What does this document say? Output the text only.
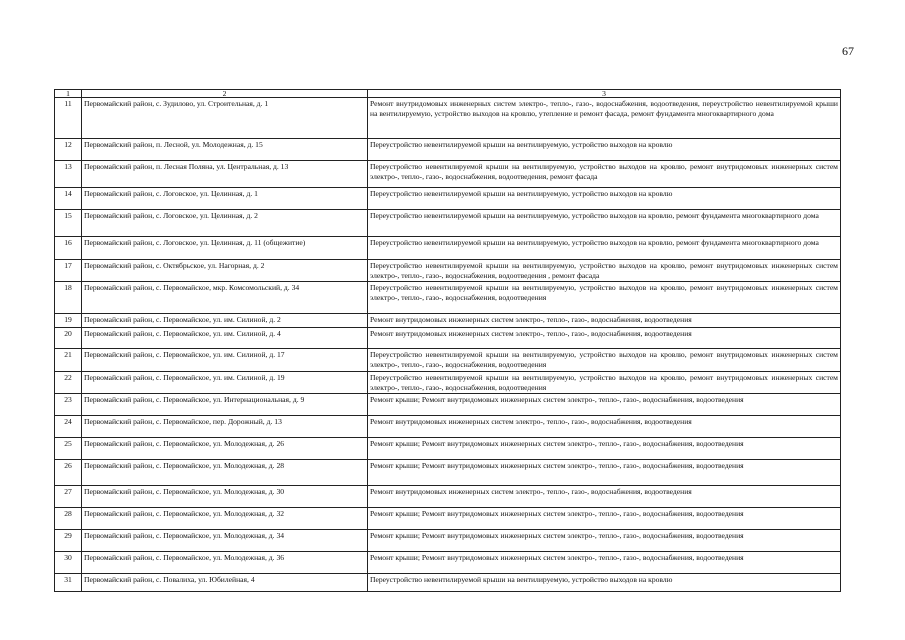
67
1	2	3
11	Первомайский район, с. Зудилово, ул. Строительная, д. 1	Ремонт внутридомовых инженерных систем электро-, тепло-, газо-, водоснабжения, водоотведения, переустройство невентилируемой крыши на вентилируемую, устройство выходов на кровлю, утепление и ремонт фасада, ремонт фундамента многоквартирного дома
12	Первомайский район, п. Лесной, ул. Молодежная, д. 15	Переустройство невентилируемой крыши на вентилируемую, устройство выходов на кровлю
13	Первомайский район, п. Лесная Поляна, ул. Центральная, д. 13	Переустройство невентилируемой крыши на вентилируемую, устройство выходов на кровлю, ремонт внутридомовых инженерных систем электро-, тепло-, газо-, водоснабжения, водоотведения, ремонт фасада
14	Первомайский район, с. Логовское, ул. Целинная, д. 1	Переустройство невентилируемой крыши на вентилируемую, устройство выходов на кровлю
15	Первомайский район, с. Логовское, ул. Целинная, д. 2	Переустройство невентилируемой крыши на вентилируемую, устройство выходов на кровлю, ремонт фундамента многоквартирного дома
16	Первомайский район, с. Логовское, ул. Целинная, д. 11 (общежитие)	Переустройство невентилируемой крыши на вентилируемую, устройство выходов на кровлю, ремонт фундамента многоквартирного дома
17	Первомайский район, с. Октябрьское, ул. Нагорная, д. 2	Переустройство невентилируемой крыши на вентилируемую, устройство выходов на кровлю, ремонт внутридомовых инженерных систем электро-, тепло-, газо-, водоснабжения, водоотведения , ремонт фасада
18	Первомайский район, с. Первомайское, мкр. Комсомольский, д. 34	Переустройство невентилируемой крыши на вентилируемую, устройство выходов на кровлю, ремонт внутридомовых инженерных систем электро-, тепло-, газо-, водоснабжения, водоотведения
19	Первомайский район, с. Первомайское, ул. им. Силиной, д. 2	Ремонт внутридомовых инженерных систем электро-, тепло-, газо-, водоснабжения, водоотведения
20	Первомайский район, с. Первомайское, ул. им. Силиной, д. 4	Ремонт внутридомовых инженерных систем электро-, тепло-, газо-, водоснабжения, водоотведения
21	Первомайский район, с. Первомайское, ул. им. Силиной, д. 17	Переустройство невентилируемой крыши на вентилируемую, устройство выходов на кровлю, ремонт внутридомовых инженерных систем электро-, тепло-, газо-, водоснабжения, водоотведения
22	Первомайский район, с. Первомайское, ул. им. Силиной, д. 19	Переустройство невентилируемой крыши на вентилируемую, устройство выходов на кровлю, ремонт внутридомовых инженерных систем электро-, тепло-, газо-, водоснабжения, водоотведения
23	Первомайский район, с. Первомайское, ул. Интернациональная, д. 9	Ремонт крыши; Ремонт внутридомовых инженерных систем электро-, тепло-, газо-, водоснабжения, водоотведения
24	Первомайский район, с. Первомайское, пер. Дорожный, д. 13	Ремонт внутридомовых инженерных систем электро-, тепло-, газо-, водоснабжения, водоотведения
25	Первомайский район, с. Первомайское, ул. Молодежная, д. 26	Ремонт крыши; Ремонт внутридомовых инженерных систем электро-, тепло-, газо-, водоснабжения, водоотведения
26	Первомайский район, с. Первомайское, ул. Молодежная, д. 28	Ремонт крыши; Ремонт внутридомовых инженерных систем электро-, тепло-, газо-, водоснабжения, водоотведения
27	Первомайский район, с. Первомайское, ул. Молодежная, д. 30	Ремонт внутридомовых инженерных систем электро-, тепло-, газо-, водоснабжения, водоотведения
28	Первомайский район, с. Первомайское, ул. Молодежная, д. 32	Ремонт крыши; Ремонт внутридомовых инженерных систем электро-, тепло-, газо-, водоснабжения, водоотведения
29	Первомайский район, с. Первомайское, ул. Молодежная, д. 34	Ремонт крыши; Ремонт внутридомовых инженерных систем электро-, тепло-, газо-, водоснабжения, водоотведения
30	Первомайский район, с. Первомайское, ул. Молодежная, д. 36	Ремонт крыши; Ремонт внутридомовых инженерных систем электро-, тепло-, газо-, водоснабжения, водоотведения
31	Первомайский район, с. Повалиха, ул. Юбилейная, 4	Переустройство невентилируемой крыши на вентилируемую, устройство выходов на кровлю
